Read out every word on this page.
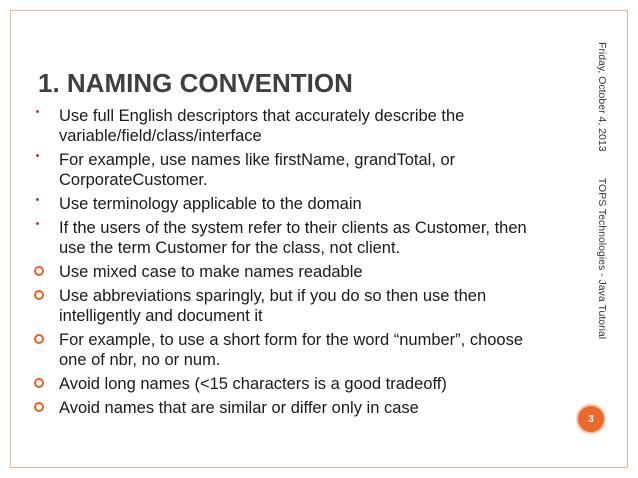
1. NAMING CONVENTION
Use full English descriptors that accurately describe the variable/field/class/interface
For example, use names like firstName, grandTotal, or CorporateCustomer.
Use terminology applicable to the domain
If the users of the system refer to their clients as Customer, then use the term Customer for the class, not client.
Use mixed case to make names readable
Use abbreviations sparingly, but if you do so then use then intelligently and document it
For example, to use a short form for the word “number”, choose one of nbr, no or num.
Avoid long names (<15 characters is a good tradeoff)
Avoid names that are similar or differ only in case
Friday, October 4, 2013         TOPS Technologies - Java Tutorial
3
